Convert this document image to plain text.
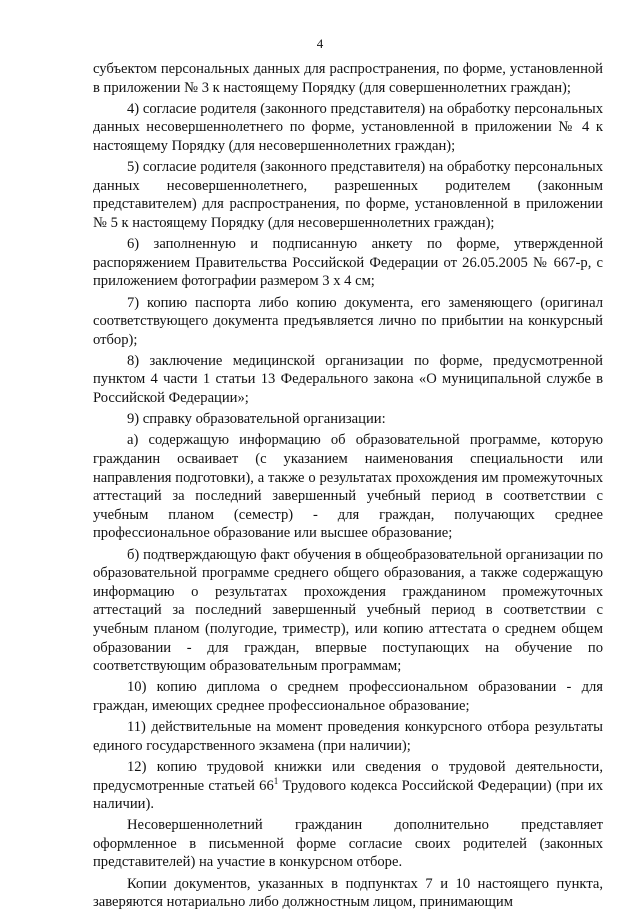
4

субъектом персональных данных для распространения, по форме, установленной в приложении № 3 к настоящему Порядку (для совершеннолетних граждан);

4) согласие родителя (законного представителя) на обработку персональных данных несовершеннолетнего по форме, установленной в приложении № 4 к настоящему Порядку (для несовершеннолетних граждан);

5) согласие родителя (законного представителя) на обработку персональных данных несовершеннолетнего, разрешенных родителем (законным представителем) для распространения, по форме, установленной в приложении № 5 к настоящему Порядку (для несовершеннолетних граждан);

6) заполненную и подписанную анкету по форме, утвержденной распоряжением Правительства Российской Федерации от 26.05.2005 № 667-р, с приложением фотографии размером 3 х 4 см;

7) копию паспорта либо копию документа, его заменяющего (оригинал соответствующего документа предъявляется лично по прибытии на конкурсный отбор);

8) заключение медицинской организации по форме, предусмотренной пунктом 4 части 1 статьи 13 Федерального закона «О муниципальной службе в Российской Федерации»;

9) справку образовательной организации:

а) содержащую информацию об образовательной программе, которую гражданин осваивает (с указанием наименования специальности или направления подготовки), а также о результатах прохождения им промежуточных аттестаций за последний завершенный учебный период в соответствии с учебным планом (семестр) - для граждан, получающих среднее профессиональное образование или высшее образование;

б) подтверждающую факт обучения в общеобразовательной организации по образовательной программе среднего общего образования, а также содержащую информацию о результатах прохождения гражданином промежуточных аттестаций за последний завершенный учебный период в соответствии с учебным планом (полугодие, триместр), или копию аттестата о среднем общем образовании - для граждан, впервые поступающих на обучение по соответствующим образовательным программам;

10) копию диплома о среднем профессиональном образовании - для граждан, имеющих среднее профессиональное образование;

11) действительные на момент проведения конкурсного отбора результаты единого государственного экзамена (при наличии);

12) копию трудовой книжки или сведения о трудовой деятельности, предусмотренные статьей $66^1$ Трудового кодекса Российской Федерации) (при их наличии).

Несовершеннолетний гражданин дополнительно представляет оформленное в письменной форме согласие своих родителей (законных представителей) на участие в конкурсном отборе.

Копии документов, указанных в подпунктах 7 и 10 настоящего пункта, заверяются нотариально либо должностным лицом, принимающим
